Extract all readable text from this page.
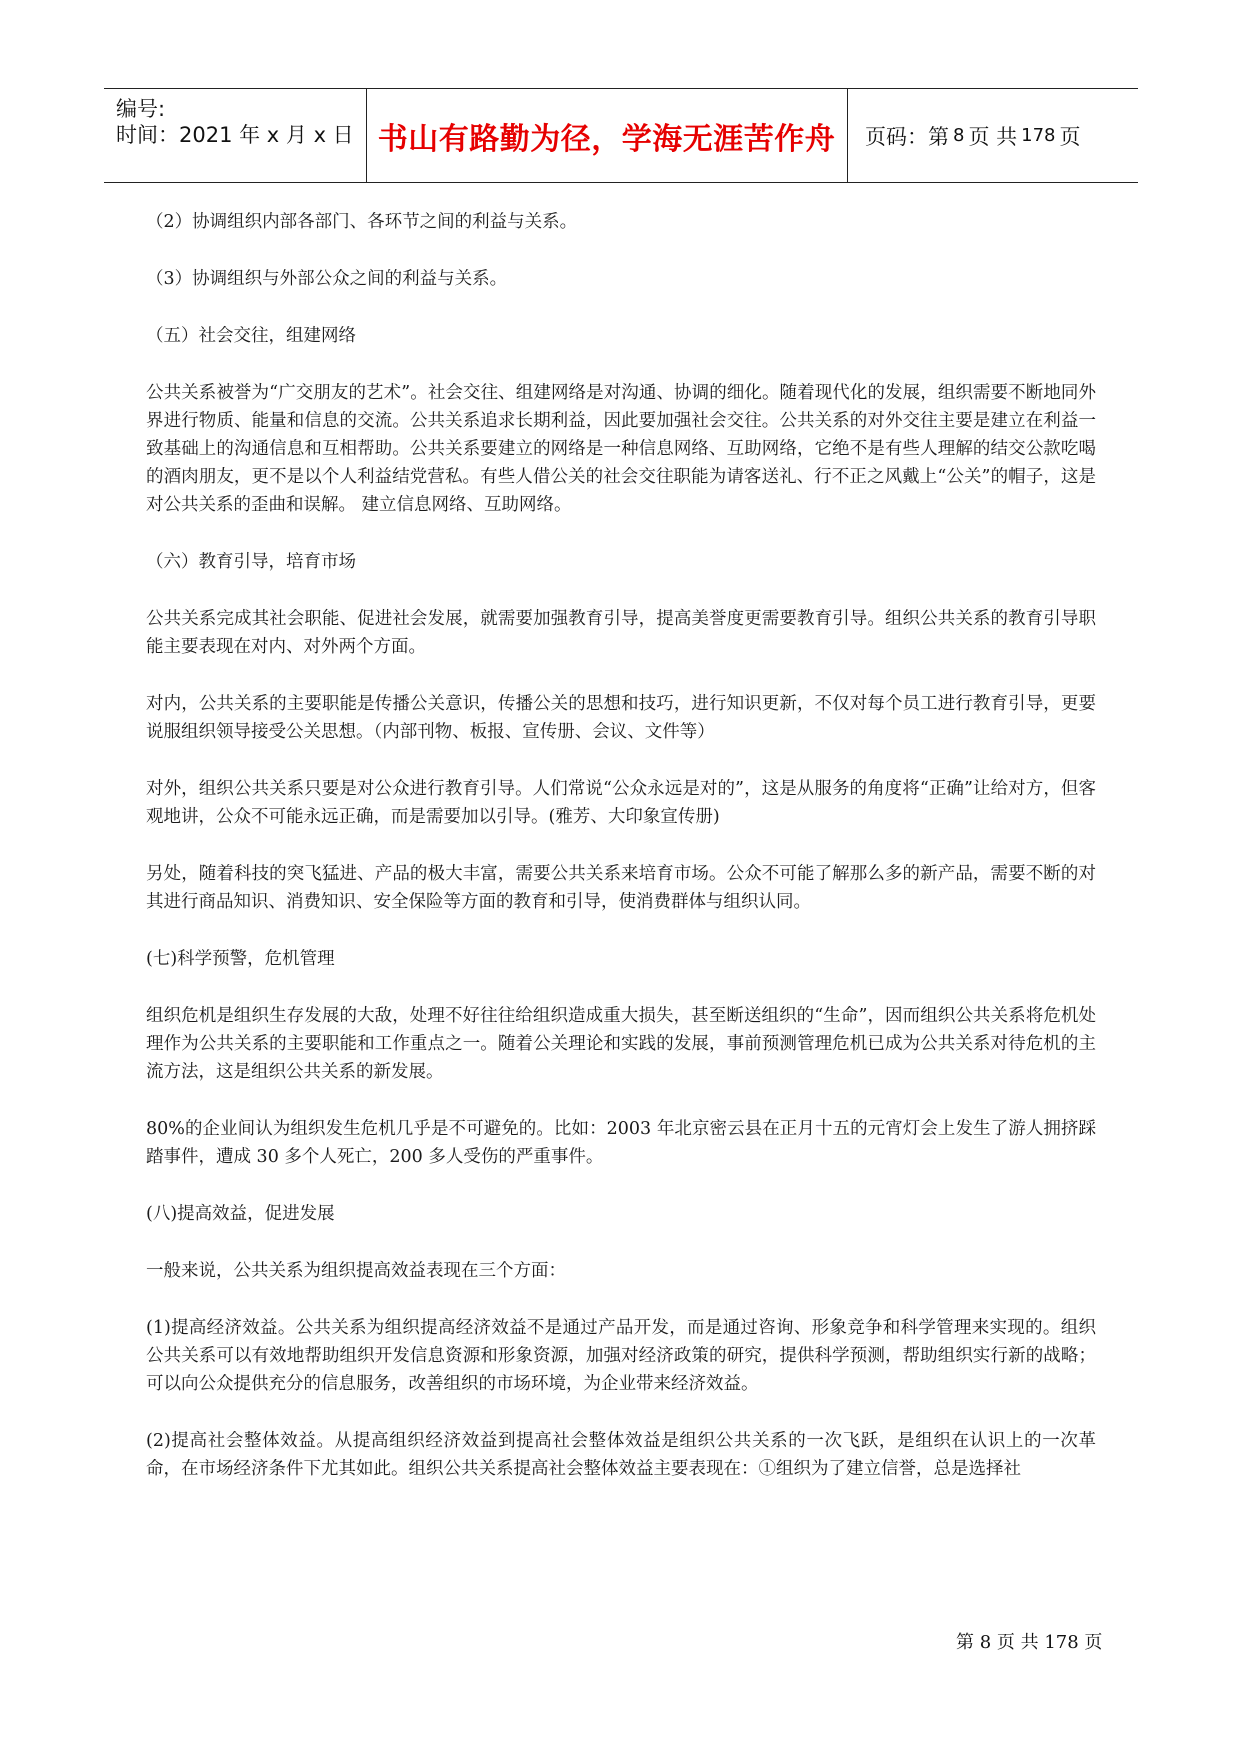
编号:
时间：2021 年 x 月 x 日 书山有路勤为径，学海无涯苦作舟	页码：第 8 页 共 178 页

（2）协调组织内部各部门、各环节之间的利益与关系。

（3）协调组织与外部公众之间的利益与关系。

（五）社会交往，组建网络

公共关系被誉为“广交朋友的艺术”。社会交往、组建网络是对沟通、协调的细化。随着现代化的发展，组织需要不断地同外界进行物质、能量和信息的交流。公共关系追求长期利益，因此要加强社会交往。公共关系的对外交往主要是建立在利益一致基础上的沟通信息和互相帮助。公共关系要建立的网络是一种信息网络、互助网络，它绝不是有些人理解的结交公款吃喝的酒肉朋友，更不是以个人利益结党营私。有些人借公关的社会交往职能为请客送礼、行不正之风戴上“公关”的帽子，这是对公共关系的歪曲和误解。 建立信息网络、互助网络。

（六）教育引导，培育市场

公共关系完成其社会职能、促进社会发展，就需要加强教育引导，提高美誉度更需要教育引导。组织公共关系的教育引导职能主要表现在对内、对外两个方面。

对内，公共关系的主要职能是传播公关意识，传播公关的思想和技巧，进行知识更新，不仅对每个员工进行教育引导，更要说服组织领导接受公关思想。（内部刊物、板报、宣传册、会议、文件等）

对外，组织公共关系只要是对公众进行教育引导。人们常说“公众永远是对的”，这是从服务的角度将“正确”让给对方，但客观地讲，公众不可能永远正确，而是需要加以引导。(雅芳、大印象宣传册)

另处，随着科技的突飞猛进、产品的极大丰富，需要公共关系来培育市场。公众不可能了解那么多的新产品，需要不断的对其进行商品知识、消费知识、安全保险等方面的教育和引导，使消费群体与组织认同。

(七)科学预警，危机管理

组织危机是组织生存发展的大敌，处理不好往往给组织造成重大损失，甚至断送组织的“生命”，因而组织公共关系将危机处理作为公共关系的主要职能和工作重点之一。随着公关理论和实践的发展，事前预测管理危机已成为公共关系对待危机的主流方法，这是组织公共关系的新发展。

80%的企业间认为组织发生危机几乎是不可避免的。比如：2003 年北京密云县在正月十五的元宵灯会上发生了游人拥挤踩踏事件，遭成 30 多个人死亡，200 多人受伤的严重事件。

(八)提高效益，促进发展

一般来说，公共关系为组织提高效益表现在三个方面：

(1)提高经济效益。公共关系为组织提高经济效益不是通过产品开发，而是通过咨询、形象竞争和科学管理来实现的。组织公共关系可以有效地帮助组织开发信息资源和形象资源，加强对经济政策的研究，提供科学预测，帮助组织实行新的战略；可以向公众提供充分的信息服务，改善组织的市场环境，为企业带来经济效益。

(2)提高社会整体效益。从提高组织经济效益到提高社会整体效益是组织公共关系的一次飞跃，是组织在认识上的一次革命，在市场经济条件下尤其如此。组织公共关系提高社会整体效益主要表现在：①组织为了建立信誉，总是选择社

第 8 页 共 178 页
